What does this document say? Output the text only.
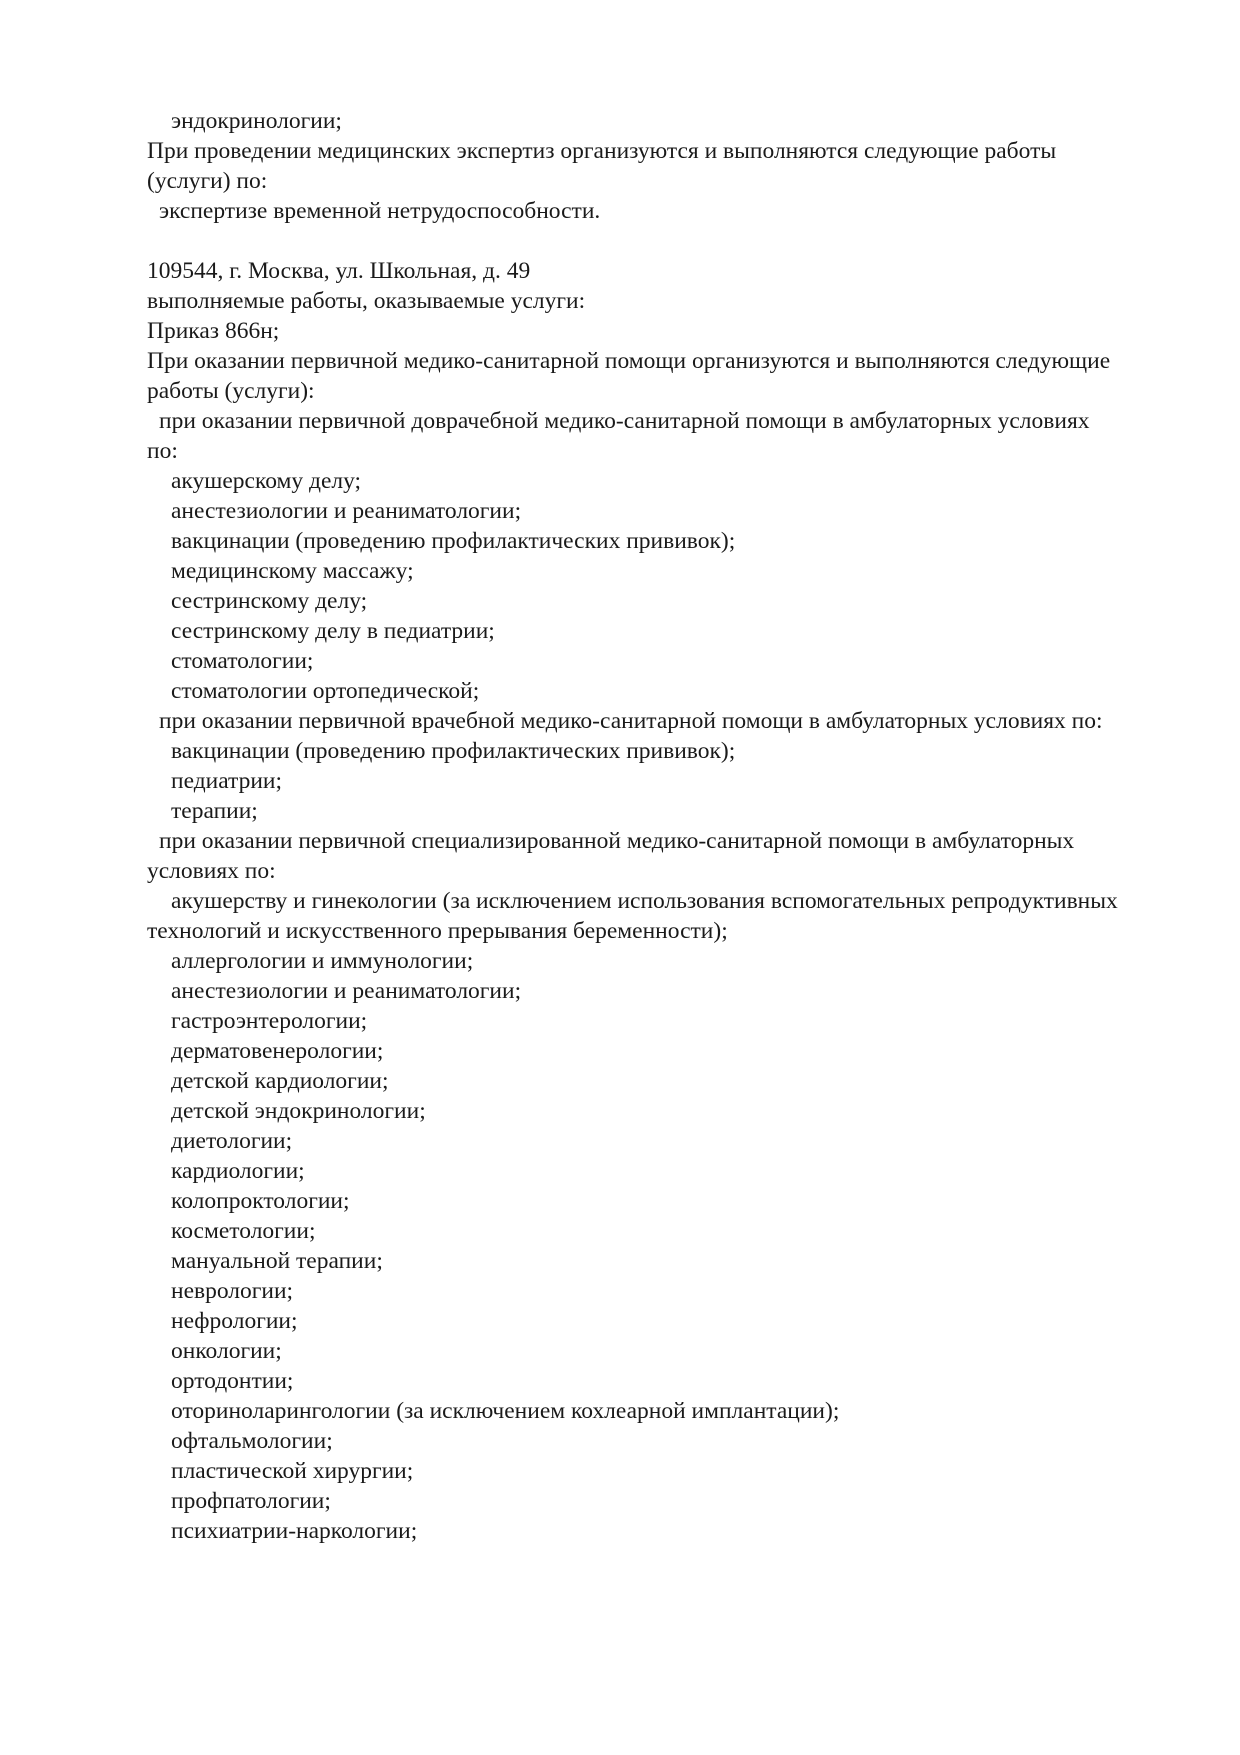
эндокринологии;
При проведении медицинских экспертиз организуются и выполняются следующие работы
(услуги) по:
экспертизе временной нетрудоспособности.
109544, г. Москва, ул. Школьная, д. 49
выполняемые работы, оказываемые услуги:
Приказ 866н;
При оказании первичной медико-санитарной помощи организуются и выполняются следующие
работы (услуги):
при оказании первичной доврачебной медико-санитарной помощи в амбулаторных условиях
по:
акушерскому делу;
анестезиологии и реаниматологии;
вакцинации (проведению профилактических прививок);
медицинскому массажу;
сестринскому делу;
сестринскому делу в педиатрии;
стоматологии;
стоматологии ортопедической;
при оказании первичной врачебной медико-санитарной помощи в амбулаторных условиях по:
вакцинации (проведению профилактических прививок);
педиатрии;
терапии;
при оказании первичной специализированной медико-санитарной помощи в амбулаторных
условиях по:
акушерству и гинекологии (за исключением использования вспомогательных репродуктивных
технологий и искусственного прерывания беременности);
аллергологии и иммунологии;
анестезиологии и реаниматологии;
гастроэнтерологии;
дерматовенерологии;
детской кардиологии;
детской эндокринологии;
диетологии;
кардиологии;
колопроктологии;
косметологии;
мануальной терапии;
неврологии;
нефрологии;
онкологии;
ортодонтии;
оториноларингологии (за исключением кохлеарной имплантации);
офтальмологии;
пластической хирургии;
профпатологии;
психиатрии-наркологии;
